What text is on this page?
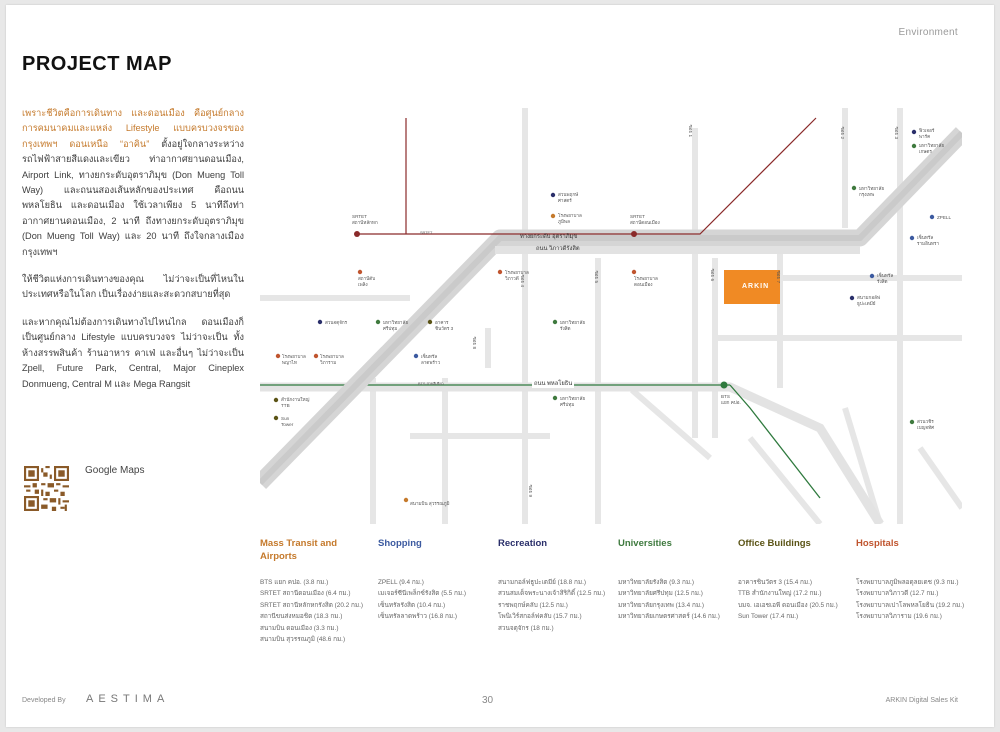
Environment
PROJECT MAP

เพราะชีวิตคือการเดินทาง และดอนเมือง คือศูนย์กลางการคมนาคมและแหล่ง Lifestyle แบบครบวงจรของกรุงเทพฯ ดอนเหนือ “อาคิน” ตั้งอยู่ใจกลางระหว่างรถไฟฟ้าสายสีแดงและเขียว ท่าอากาศยานดอนเมือง, Airport Link, ทางยกระดับอุตราภิมุข (Don Mueng Toll Way) และถนนสองเส้นหลักของประเทศ คือถนนพหลโยธิน และดอนเมือง ใช้เวลาเพียง 5 นาทีถึงท่าอากาศยานดอนเมือง, 2 นาที ถึงทางยกระดับอุตราภิมุข (Don Mueng Toll Way) และ 20 นาที ถึงใจกลางเมืองกรุงเทพฯ

ให้ชีวิตแห่งการเดินทางของคุณ ไม่ว่าจะเป็นที่ไหนในประเทศหรือในโลก เป็นเรื่องง่ายและสะดวกสบายที่สุด

และหากคุณไม่ต้องการเดินทางไปไหนไกล ดอนเมืองก็เป็นศูนย์กลาง Lifestyle แบบครบวงจร ไม่ว่าจะเป็น ทั้งห้างสรรพสินค้า ร้านอาหาร คาเฟ่ และอื่นๆ ไม่ว่าจะเป็น Zpell, Future Park, Central, Major Cineplex Donmueng, Central M และ Mega Rangsit

Google Maps
ARKIN
ทางยกระดับ อุตราภิมุข
ถนน วิภาวดีรังสิต
ถนน พหลโยธิน
SRTET
สถานีหลักหก
SRTET
สถานีดอนเมือง
SRTET
BTS สายสีเขียว
BTS
แยก คปอ.
ซอย 1	ซอย 2	ซอย 3
ซอย 4	ซอย 5	ซอย 6	ซอย 7
ซอย 8
ซอย 9
สวนพฤกษ์
ศาสตร์
โรงพยาบาล
ภูมิพล
สถานีดับ
เพลิง
โรงพยาบาล
วิภาวดี	โรงพยาบาล
ดอนเมือง
มหาวิทยาลัย
รังสิต
สวนจตุจักร	มหาวิทยาลัย
ศรีปทุม
อาคาร
ชินวัตร 3
โรงพยาบาล
พญาไท
โรงพยาบาล
วิภาราม
เซ็นทรัล
ลาดพร้าว
สำนักงานใหญ่
TTB
Sun
Tower
มหาวิทยาลัย
ศรีปทุม
มหาวิทยาลัย
กรุงเทพ
ฟิวเจอร์
พาร์ค
มหาวิทยาลัย
เกษตร
ZPELL
เซ็นทรัล
รามอินทรา
เซ็นทรัล
รังสิต
สนามกอล์ฟ
ธูปะเตมีย์
สวนวชิร
เบญจทัศ
สนามบิน สุวรรณภูมิ
Mass Transit and Airports
BTS แยก คปอ. (3.8 กม.)
SRTET สถานีดอนเมือง (6.4 กม.)
SRTET สถานีหลักหกรังสิต (20.2 กม.)
สถานีขนส่งหมอชิต (18.3 กม.)
สนามบิน ดอนเมือง (3.3 กม.)
สนามบิน สุวรรณภูมิ (48.6 กม.)
Shopping
ZPELL (9.4 กม.)
เมเจอร์ซีนีเพล็กซ์รังสิต (5.5 กม.)
เซ็นทรัลรังสิต (10.4 กม.)
เซ็นทรัลลาดพร้าว (16.8 กม.)
Recreation
สนามกอล์ฟธูปะเตมีย์ (18.8 กม.)
สวนสมเด็จพระนางเจ้าสิริกิติ์ (12.5 กม.)
ราชพฤกษ์คลับ (12.5 กม.)
โพนิเวิร์สกอล์ฟคลับ (15.7 กม.)
สวนจตุจักร (18 กม.)
Universities
มหาวิทยาลัยรังสิต (9.3 กม.)
มหาวิทยาลัยศรีปทุม (12.5 กม.)
มหาวิทยาลัยกรุงเทพ (13.4 กม.)
มหาวิทยาลัยเกษตรศาสตร์ (14.6 กม.)
Office Buildings
อาคารชินวัตร 3 (15.4 กม.)
TTB สำนักงานใหญ่ (17.2 กม.)
บมจ. เอเอชเอพี ดอนเมือง (20.5 กม.)
Sun Tower (17.4 กม.)
Hospitals
โรงพยาบาลภูมิพลอดุลยเดช (9.3 กม.)
โรงพยาบาลวิภาวดี (12.7 กม.)
โรงพยาบาลเปาโลพหลโยธิน (19.2 กม.)
โรงพยาบาลวิภาราม (19.6 กม.)
Developed By AESTIMA	30	ARKIN Digital Sales Kit
